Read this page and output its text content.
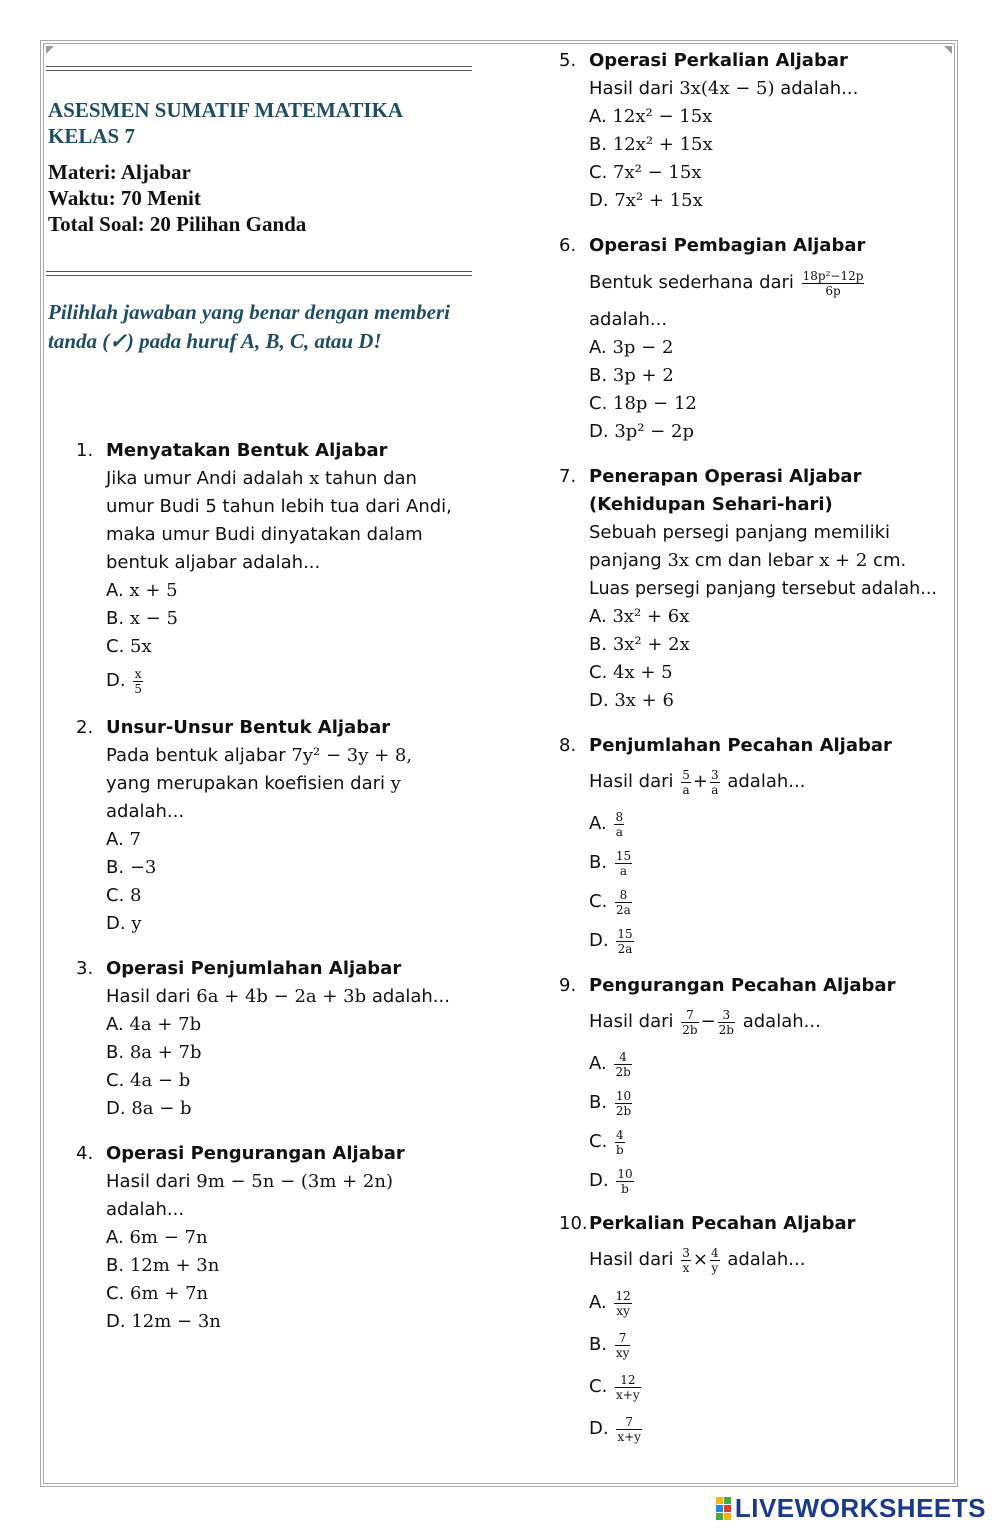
ASESMEN SUMATIF MATEMATIKA
KELAS 7
Materi: Aljabar
Waktu: 70 Menit
Total Soal: 20 Pilihan Ganda
Pilihlah jawaban yang benar dengan memberi tanda (✓) pada huruf A, B, C, atau D!
1. Menyatakan Bentuk Aljabar
Jika umur Andi adalah x tahun dan
umur Budi 5 tahun lebih tua dari Andi,
maka umur Budi dinyatakan dalam
bentuk aljabar adalah...
A. x + 5
B. x − 5
C. 5x
D. $\frac{x}{5}$
2. Unsur-Unsur Bentuk Aljabar
Pada bentuk aljabar 7y² − 3y + 8,
yang merupakan koefisien dari y
adalah...
A. 7
B. −3
C. 8
D. y
3. Operasi Penjumlahan Aljabar
Hasil dari 6a + 4b − 2a + 3b adalah...
A. 4a + 7b
B. 8a + 7b
C. 4a − b
D. 8a − b
4. Operasi Pengurangan Aljabar
Hasil dari 9m − 5n − (3m + 2n)
adalah...
A. 6m − 7n
B. 12m + 3n
C. 6m + 7n
D. 12m − 3n
5. Operasi Perkalian Aljabar
Hasil dari 3x(4x − 5) adalah...
A. 12x² − 15x
B. 12x² + 15x
C. 7x² − 15x
D. 7x² + 15x
6. Operasi Pembagian Aljabar
Bentuk sederhana dari $\frac{\text{18p²−12p}}{6p}$
adalah...
A. 3p − 2
B. 3p + 2
C. 18p − 12
D. 3p² − 2p
7. Penerapan Operasi Aljabar
(Kehidupan Sehari-hari)
Sebuah persegi panjang memiliki
panjang 3x cm dan lebar x + 2 cm.
Luas persegi panjang tersebut adalah...
A. 3x² + 6x
B. 3x² + 2x
C. 4x + 5
D. 3x + 6
8. Penjumlahan Pecahan Aljabar
Hasil dari $\frac{5}{a} + \frac{3}{a}$ adalah...
A. $\frac{8}{a}$
B. $\frac{15}{a}$
C. $\frac{8}{2a}$
D. $\frac{15}{2a}$
9. Pengurangan Pecahan Aljabar
Hasil dari $\frac{7}{2b} - \frac{3}{2b}$ adalah...
A. $\frac{4}{2b}$
B. $\frac{10}{2b}$
C. $\frac{4}{b}$
D. $\frac{10}{b}$
10. Perkalian Pecahan Aljabar
Hasil dari $\frac{3}{x} \times \frac{4}{y}$ adalah...
A. $\frac{12}{xy}$
B. $\frac{7}{xy}$
C. $\frac{12}{x+y}$
D. $\frac{7}{x+y}$
LIVEWORKSHEETS
